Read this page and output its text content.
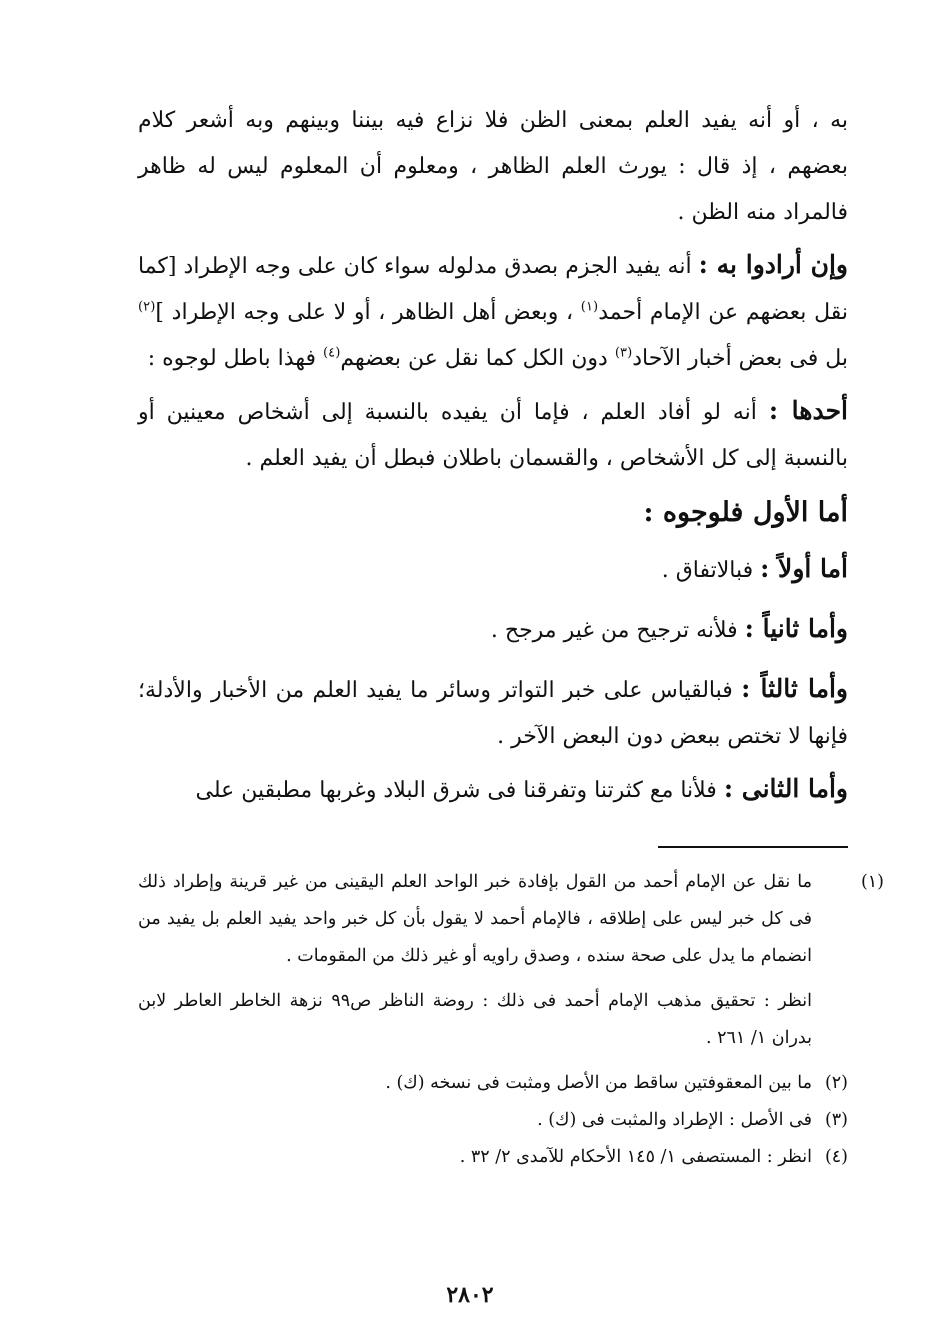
به ، أو أنه يفيد العلم بمعنى الظن فلا نزاع فيه بيننا وبينهم وبه أشعر كلام بعضهم ، إذ قال : يورث العلم الظاهر ، ومعلوم أن المعلوم ليس له ظاهر فالمراد منه الظن .

وإن أرادوا به : أنه يفيد الجزم بصدق مدلوله سواء كان على وجه الإطراد [كما نقل بعضهم عن الإمام أحمد$^{(١)}$ ، وبعض أهل الظاهر ، أو لا على وجه الإطراد ]$^{(٢)}$ بل فى بعض أخبار الآحاد$^{(٣)}$ دون الكل كما نقل عن بعضهم$^{(٤)}$ فهذا باطل لوجوه :

أحدها : أنه لو أفاد العلم ، فإما أن يفيده بالنسبة إلى أشخاص معينين أو بالنسبة إلى كل الأشخاص ، والقسمان باطلان فبطل أن يفيد العلم .

أما الأول فلوجوه :

أما أولاً : فبالاتفاق .

وأما ثانياً : فلأنه ترجيح من غير مرجح .

وأما ثالثاً : فبالقياس على خبر التواتر وسائر ما يفيد العلم من الأخبار والأدلة؛ فإنها لا تختص ببعض دون البعض الآخر .

وأما الثانى : فلأنا مع كثرتنا وتفرقنا فى شرق البلاد وغربها مطبقين على

(١)ما نقل عن الإمام أحمد من القول بإفادة خبر الواحد العلم اليقينى من غير قرينة وإطراد ذلك فى كل خبر ليس على إطلاقه ، فالإمام أحمد لا يقول بأن كل خبر واحد يفيد العلم بل يفيد من انضمام ما يدل على صحة سنده ، وصدق راويه أو غير ذلك من المقومات .

انظر : تحقيق مذهب الإمام أحمد فى ذلك : روضة الناظر ص٩٩ نزهة الخاطر العاطر لابن بدران ١/ ٢٦١ .

(٢)ما بين المعقوفتين ساقط من الأصل ومثبت فى نسخه (ك) .

(٣)فى الأصل : الإطراد والمثبت فى (ك) .

(٤)انظر : المستصفى ١/ ١٤٥ الأحكام للآمدى ٢/ ٣٢ .

٢٨٠٢
